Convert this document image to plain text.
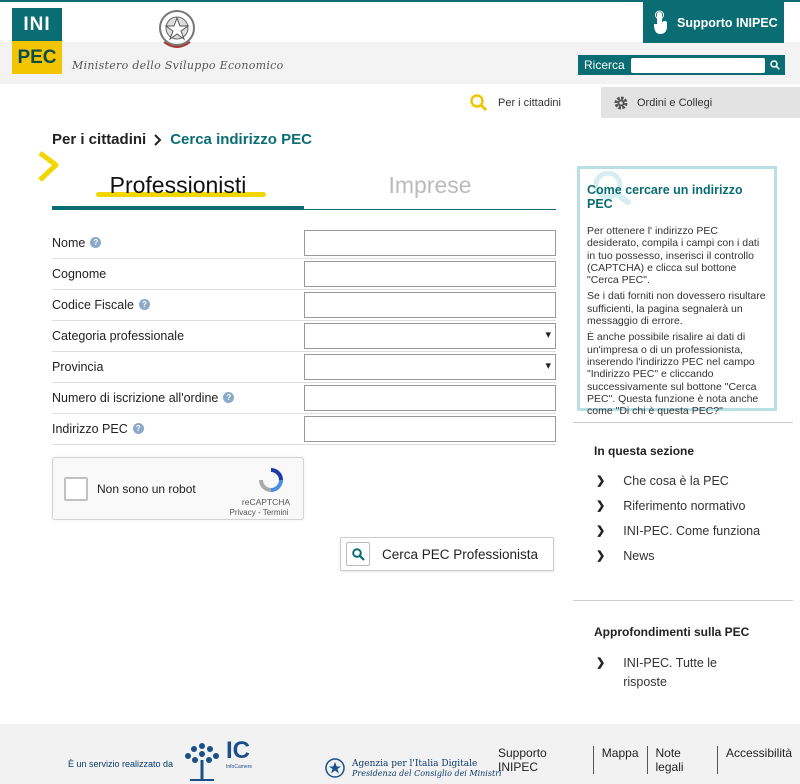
INI
PEC	Ministero dello Sviluppo Economico
Supporto INIPEC
Ricerca
Per i cittadini	Ordini e Collegi
Per i cittadini Cerca indirizzo PEC
Professionisti	Imprese
Nome	?
Cognome
Codice Fiscale	?
Categoria professionale
▾
Provincia
▾
Numero di iscrizione all'ordine	?
Indirizzo PEC	?
Non sono un robot
reCAPTCHA
Privacy - Termini
Cerca PEC Professionista
Come cercare un indirizzo PEC

Per ottenere l' indirizzo PEC desiderato, compila i campi con i dati in tuo possesso, inserisci il controllo (CAPTCHA) e clicca sul bottone "Cerca PEC".

Se i dati forniti non dovessero risultare sufficienti, la pagina segnalerà un messaggio di errore.

È anche possibile risalire ai dati di un'impresa o di un professionista, inserendo l'indirizzo PEC nel campo "Indirizzo PEC" e cliccando successivamente sul bottone "Cerca PEC". Questa funzione è nota anche come "Di chi è questa PEC?"

In questa sezione
❯ Che cosa è la PEC
❯ Riferimento normativo
❯ INI-PEC. Come funziona
❯ News
Approfondimenti sulla PEC
❯ INI-PEC. Tutte le risposte
È un servizio realizzato da IC
InfoCamere	Agenzia per l'Italia Digitale
Presidenza del Consiglio dei Ministri
Supporto INIPEC
Mappa	Note legali
Accessibilità
